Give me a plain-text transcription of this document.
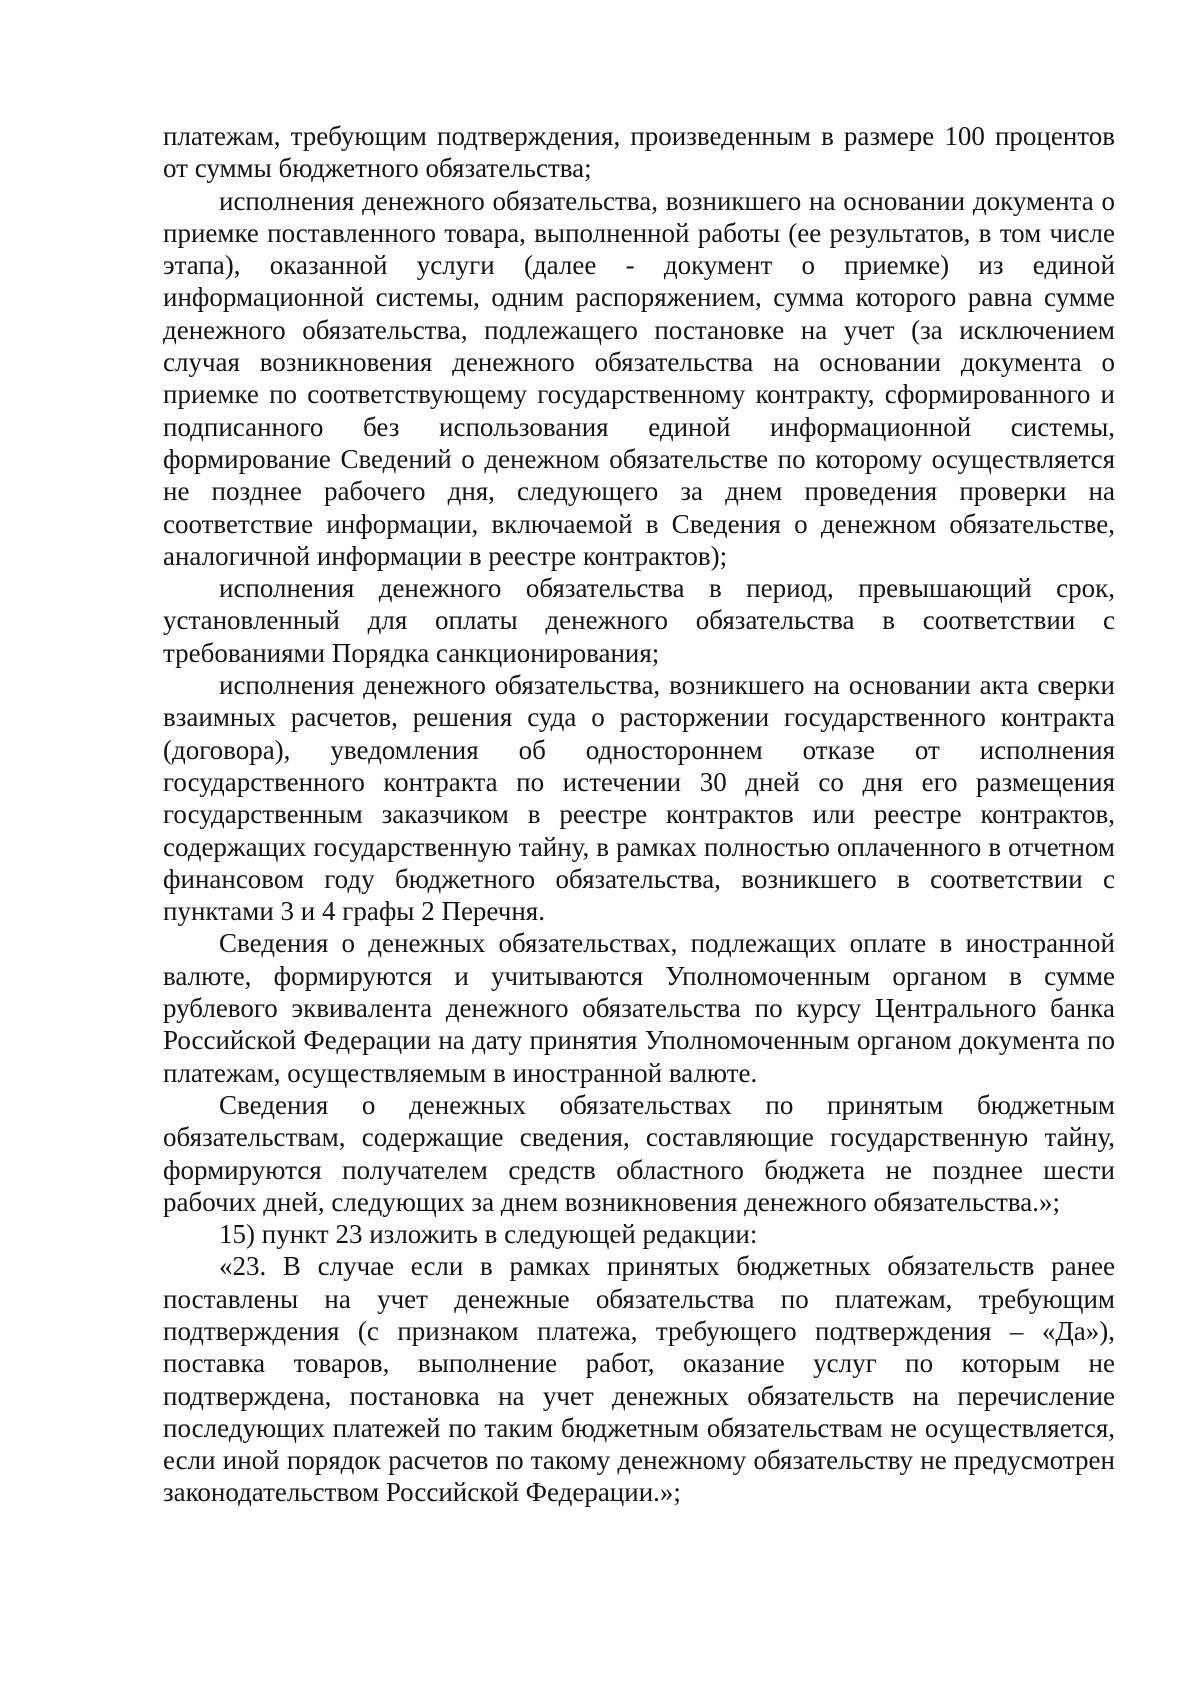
платежам, требующим подтверждения, произведенным в размере 100 процентов от суммы бюджетного обязательства;

исполнения денежного обязательства, возникшего на основании документа о приемке поставленного товара, выполненной работы (ее результатов, в том числе этапа), оказанной услуги (далее - документ о приемке) из единой информационной системы, одним распоряжением, сумма которого равна сумме денежного обязательства, подлежащего постановке на учет (за исключением случая возникновения денежного обязательства на основании документа о приемке по соответствующему государственному контракту, сформированного и подписанного без использования единой информационной системы, формирование Сведений о денежном обязательстве по которому осуществляется не позднее рабочего дня, следующего за днем проведения проверки на соответствие информации, включаемой в Сведения о денежном обязательстве, аналогичной информации в реестре контрактов);

исполнения денежного обязательства в период, превышающий срок, установленный для оплаты денежного обязательства в соответствии с требованиями Порядка санкционирования;

исполнения денежного обязательства, возникшего на основании акта сверки взаимных расчетов, решения суда о расторжении государственного контракта (договора), уведомления об одностороннем отказе от исполнения государственного контракта по истечении 30 дней со дня его размещения государственным заказчиком в реестре контрактов или реестре контрактов, содержащих государственную тайну, в рамках полностью оплаченного в отчетном финансовом году бюджетного обязательства, возникшего в соответствии с пунктами 3 и 4 графы 2 Перечня.

Сведения о денежных обязательствах, подлежащих оплате в иностранной валюте, формируются и учитываются Уполномоченным органом в сумме рублевого эквивалента денежного обязательства по курсу Центрального банка Российской Федерации на дату принятия Уполномоченным органом документа по платежам, осуществляемым в иностранной валюте.

Сведения о денежных обязательствах по принятым бюджетным обязательствам, содержащие сведения, составляющие государственную тайну, формируются получателем средств областного бюджета не позднее шести рабочих дней, следующих за днем возникновения денежного обязательства.»;

15) пункт 23 изложить в следующей редакции:

«23. В случае если в рамках принятых бюджетных обязательств ранее поставлены на учет денежные обязательства по платежам, требующим подтверждения (с признаком платежа, требующего подтверждения – «Да»), поставка товаров, выполнение работ, оказание услуг по которым не подтверждена, постановка на учет денежных обязательств на перечисление последующих платежей по таким бюджетным обязательствам не осуществляется, если иной порядок расчетов по такому денежному обязательству не предусмотрен законодательством Российской Федерации.»;
